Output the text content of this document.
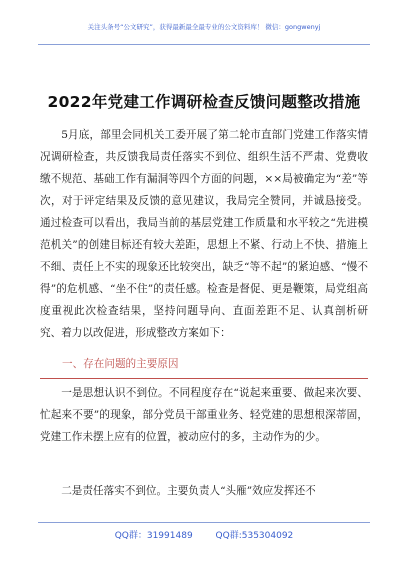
关注头条号“公文研究”，获得最新最全最专业的公文资料库！ 微信：gongwenyj
2022年党建工作调研检查反馈问题整改措施

5月底，部里会同机关工委开展了第二轮市直部门党建工作落实情况调研检查，共反馈我局责任落实不到位、组织生活不严肃、党费收缴不规范、基础工作有漏洞等四个方面的问题，××局被确定为“差”等次，对于评定结果及反馈的意见建议，我局完全赞同，并诚恳接受。通过检查可以看出，我局当前的基层党建工作质量和水平较之“先进模范机关”的创建目标还有较大差距，思想上不紧、行动上不快、措施上不细、责任上不实的现象还比较突出，缺乏“等不起”的紧迫感、“慢不得”的危机感、“坐不住”的责任感。检查是督促、更是鞭策，局党组高度重视此次检查结果，坚持问题导向、直面差距不足、认真剖析研究、着力以改促进，形成整改方案如下：

一、存在问题的主要原因

一是思想认识不到位。不同程度存在“说起来重要、做起来次要、忙起来不要”的现象，部分党员干部重业务、轻党建的思想根深蒂固，党建工作未摆上应有的位置，被动应付的多，主动作为的少。

二是责任落实不到位。主要负责人“头雁”效应发挥还不

QQ群：31991489	QQ群:535304092
